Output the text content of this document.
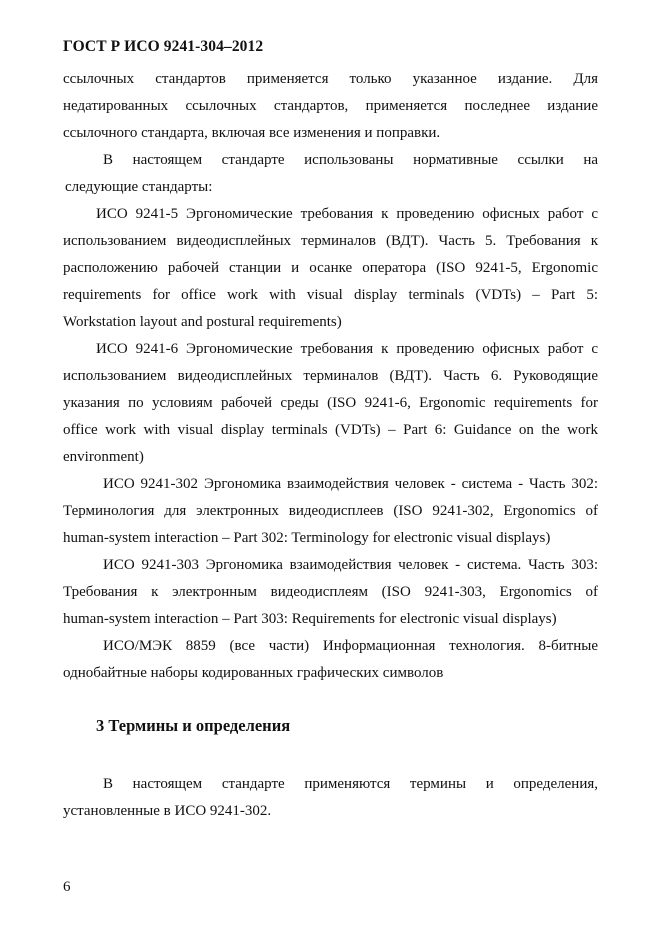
ГОСТ Р ИСО 9241-304–2012
ссылочных стандартов применяется только указанное издание. Для
недатированных ссылочных стандартов, применяется последнее издание
ссылочного стандарта, включая все изменения и поправки.
В настоящем стандарте использованы нормативные ссылки на
следующие стандарты:
ИСО 9241-5 Эргономические требования к проведению офисных работ с
использованием видеодисплейных терминалов (ВДТ). Часть 5. Требования к
расположению рабочей станции и осанке оператора (ISO 9241-5, Ergonomic
requirements for office work with visual display terminals (VDTs) – Part 5:
Workstation layout and postural requirements)
ИСО 9241-6 Эргономические требования к проведению офисных работ с
использованием видеодисплейных терминалов (ВДТ). Часть 6. Руководящие
указания по условиям рабочей среды (ISO 9241-6, Ergonomic requirements for
office work with visual display terminals (VDTs) – Part 6: Guidance on the work
environment)
ИСО 9241-302 Эргономика взаимодействия человек - система - Часть 302:
Терминология для электронных видеодисплеев (ISO 9241-302, Ergonomics of
human-system interaction – Part 302: Terminology for electronic visual displays)
ИСО 9241-303 Эргономика взаимодействия человек - система. Часть 303:
Требования к электронным видеодисплеям (ISO 9241-303, Ergonomics of
human-system interaction – Part 303: Requirements for electronic visual displays)
ИСО/МЭК 8859 (все части) Информационная технология. 8-битные
однобайтные наборы кодированных графических символов
3 Термины и определения
В настоящем стандарте применяются термины и определения,
установленные в ИСО 9241-302.
6
